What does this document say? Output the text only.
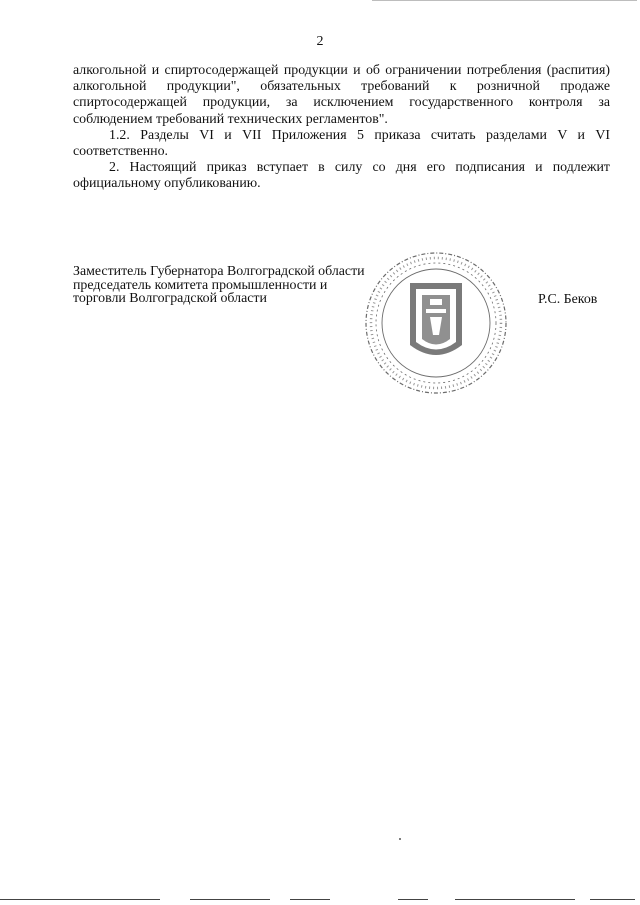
2

алкогольной и спиртосодержащей продукции и об ограничении потребления (распития) алкогольной продукции", обязательных требований к розничной продаже спиртосодержащей продукции, за исключением государственного контроля за соблюдением требований технических регламентов".

1.2. Разделы VI и VII Приложения 5 приказа считать разделами V и VI соответственно.

2. Настоящий приказ вступает в силу со дня его подписания и подлежит официальному опубликованию.

Заместитель Губернатора Волгоградской области
председатель комитета промышленности и
торговли Волгоградской области	Р.С. Беков
